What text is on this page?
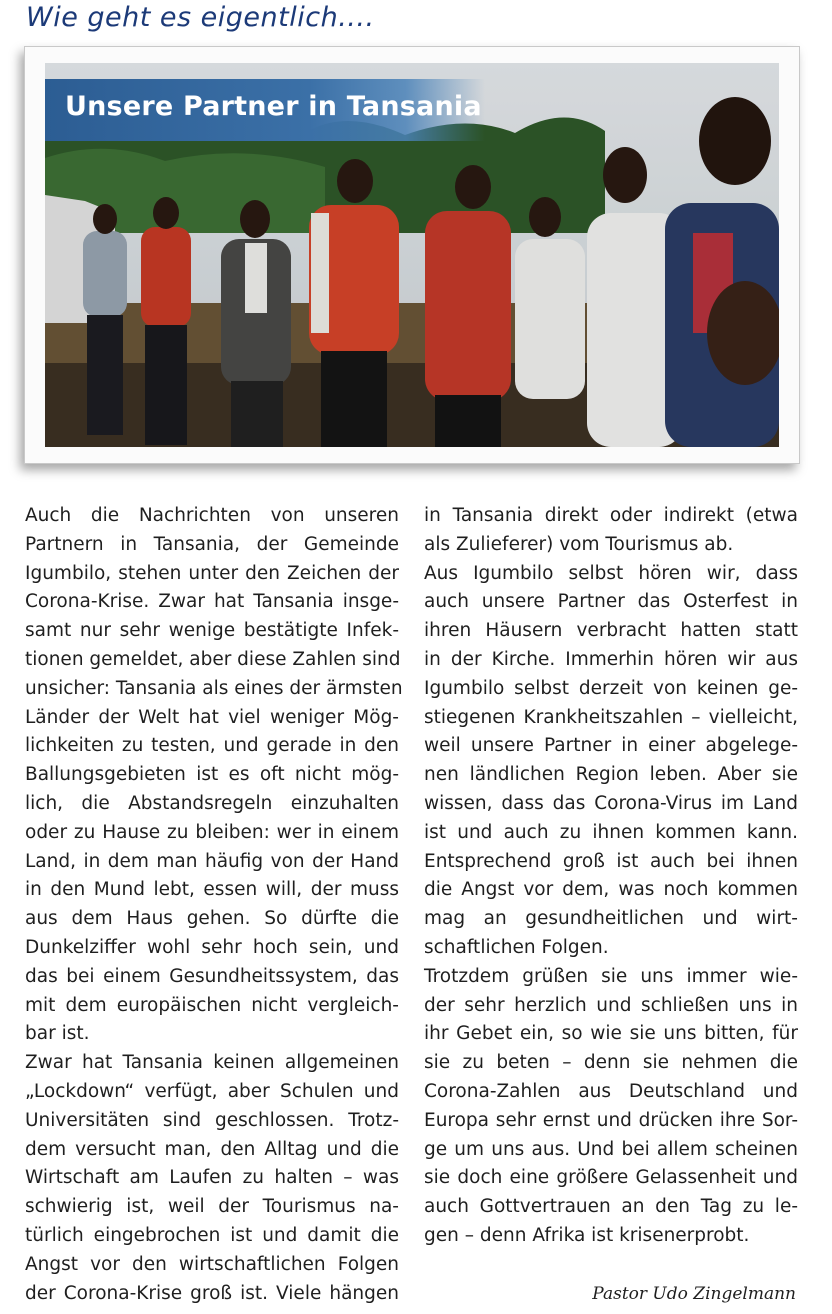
Wie geht es eigentlich....
Unsere Partner in Tansania
Auch die Nachrichten von unseren
Partnern in Tansania, der Gemeinde
Igumbilo, stehen unter den Zeichen der
Corona-Krise. Zwar hat Tansania insge-
samt nur sehr wenige bestätigte Infek-
tionen gemeldet, aber diese Zahlen sind
unsicher: Tansania als eines der ärmsten
Länder der Welt hat viel weniger Mög-
lichkeiten zu testen, und gerade in den
Ballungsgebieten ist es oft nicht mög-
lich, die Abstandsregeln einzuhalten
oder zu Hause zu bleiben: wer in einem
Land, in dem man häufig von der Hand
in den Mund lebt, essen will, der muss
aus dem Haus gehen. So dürfte die
Dunkelziffer wohl sehr hoch sein, und
das bei einem Gesundheitssystem, das
mit dem europäischen nicht vergleich-
bar ist.
Zwar hat Tansania keinen allgemeinen
„Lockdown“ verfügt, aber Schulen und
Universitäten sind geschlossen. Trotz-
dem versucht man, den Alltag und die
Wirtschaft am Laufen zu halten – was
schwierig ist, weil der Tourismus na-
türlich eingebrochen ist und damit die
Angst vor den wirtschaftlichen Folgen
der Corona-Krise groß ist. Viele hängen
in Tansania direkt oder indirekt (etwa
als Zulieferer) vom Tourismus ab.
Aus Igumbilo selbst hören wir, dass
auch unsere Partner das Osterfest in
ihren Häusern verbracht hatten statt
in der Kirche. Immerhin hören wir aus
Igumbilo selbst derzeit von keinen ge-
stiegenen Krankheitszahlen – vielleicht,
weil unsere Partner in einer abgelege-
nen ländlichen Region leben. Aber sie
wissen, dass das Corona-Virus im Land
ist und auch zu ihnen kommen kann.
Entsprechend groß ist auch bei ihnen
die Angst vor dem, was noch kommen
mag an gesundheitlichen und wirt-
schaftlichen Folgen.
Trotzdem grüßen sie uns immer wie-
der sehr herzlich und schließen uns in
ihr Gebet ein, so wie sie uns bitten, für
sie zu beten – denn sie nehmen die
Corona-Zahlen aus Deutschland und
Europa sehr ernst und drücken ihre Sor-
ge um uns aus. Und bei allem scheinen
sie doch eine größere Gelassenheit und
auch Gottvertrauen an den Tag zu le-
gen – denn Afrika ist krisenerprobt.
Pastor Udo Zingelmann
